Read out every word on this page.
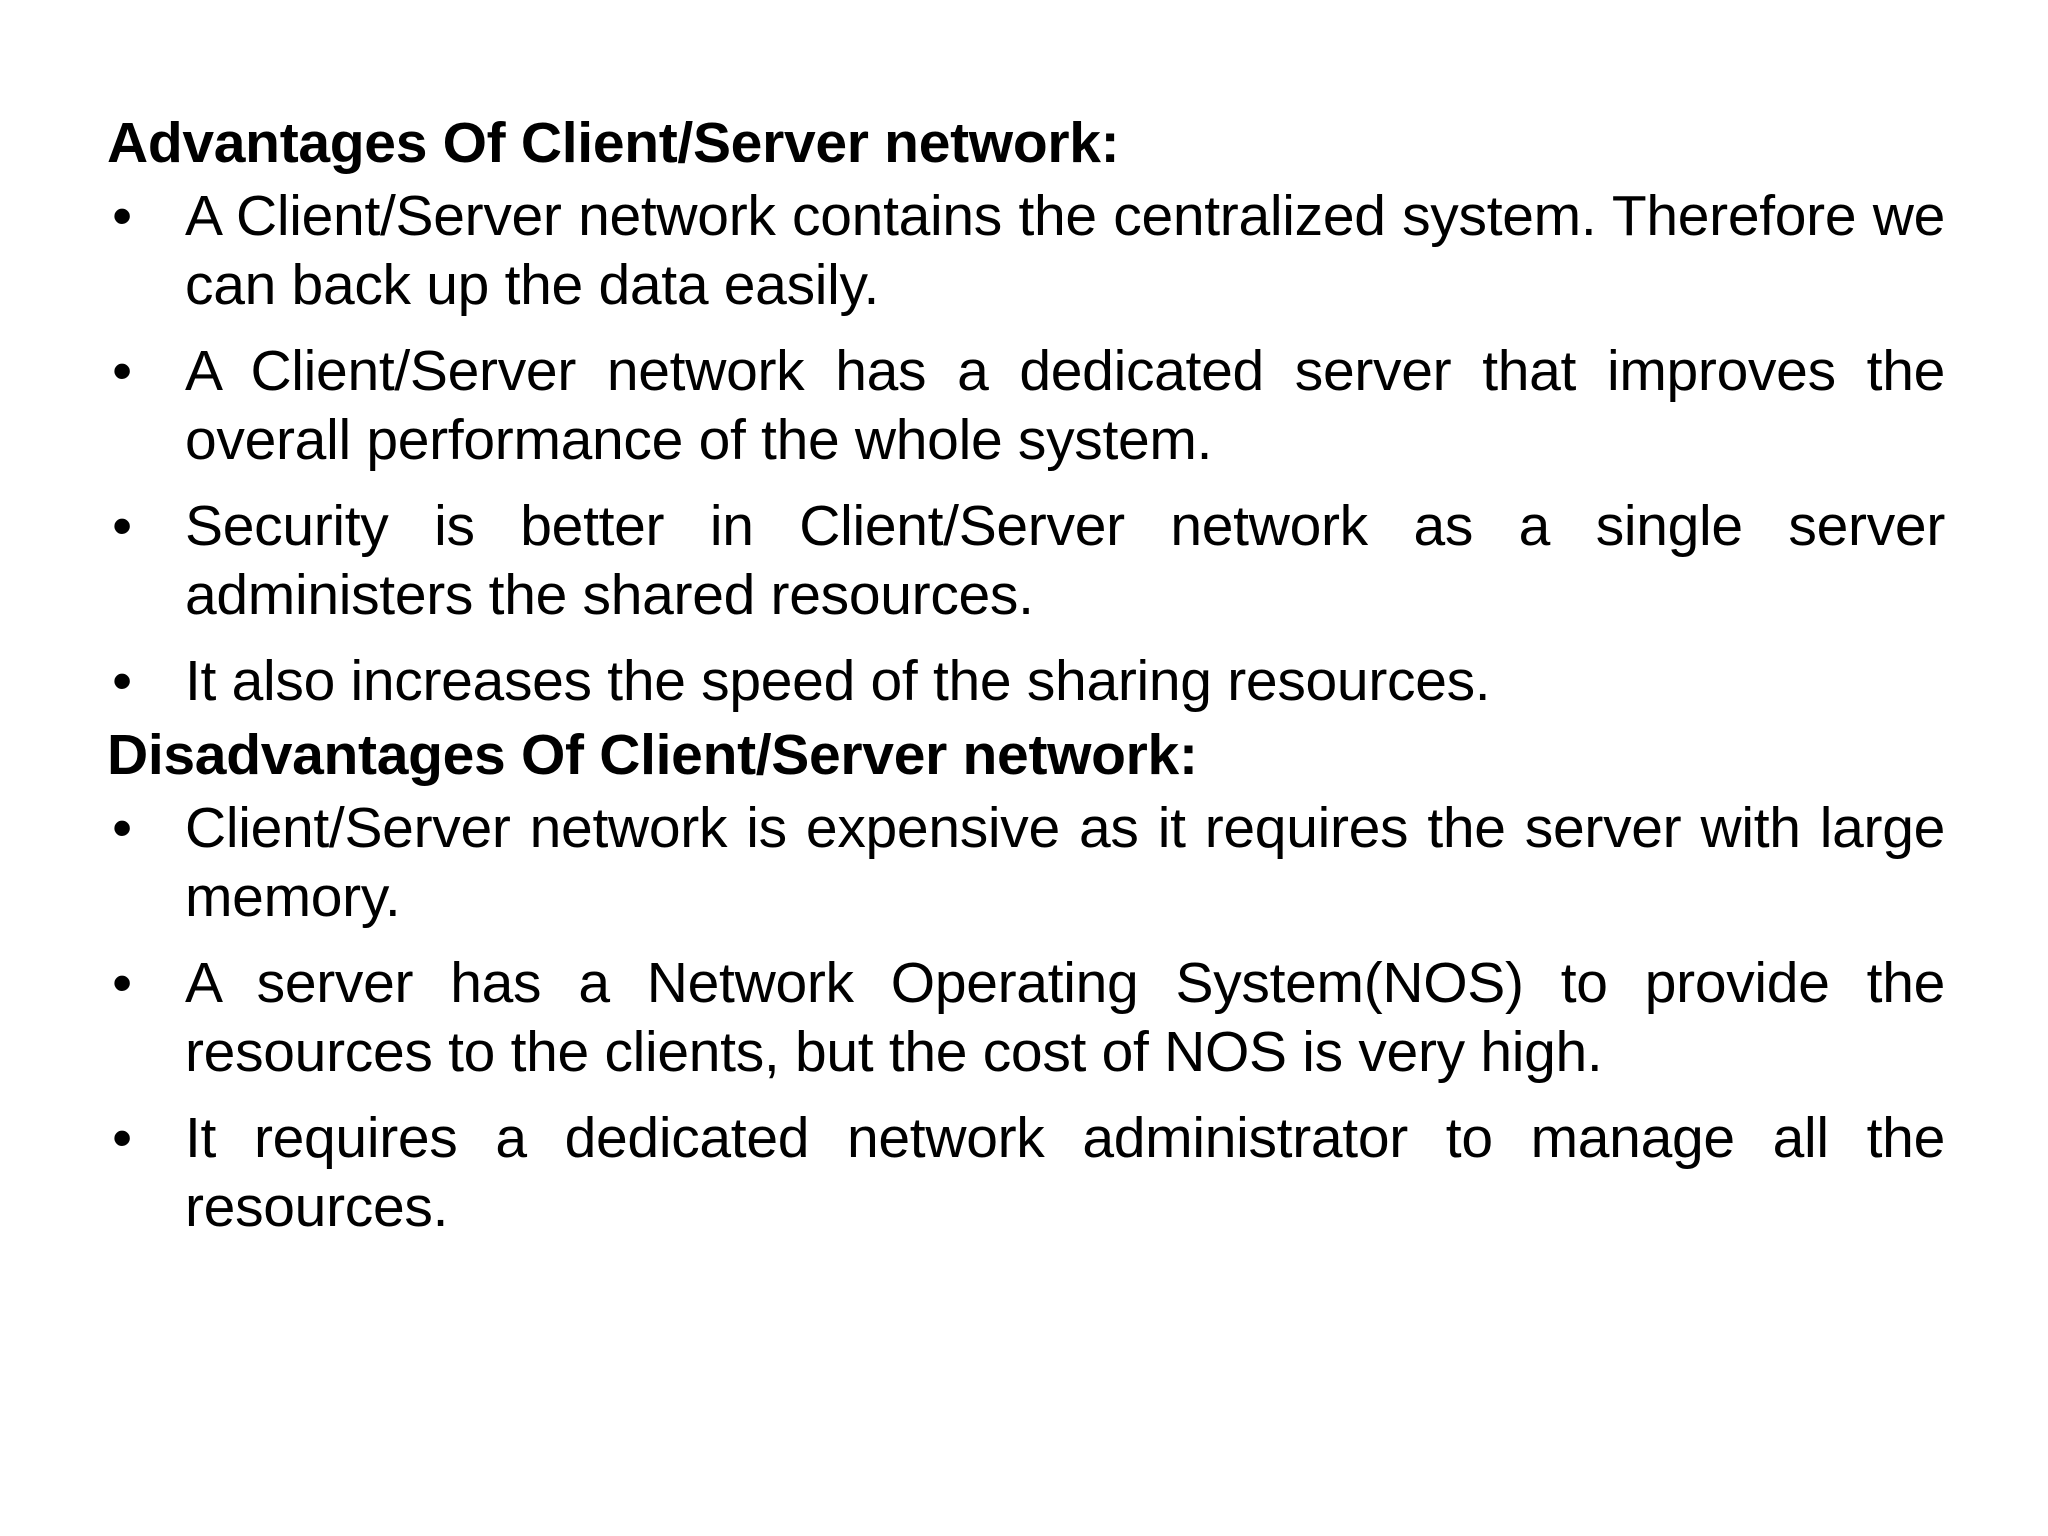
Advantages Of Client/Server network:
• A Client/Server network contains the centralized system. Therefore we can back up the data easily.
• A Client/Server network has a dedicated server that improves the overall performance of the whole system.
• Security is better in Client/Server network as a single server administers the shared resources.
• It also increases the speed of the sharing resources.
Disadvantages Of Client/Server network:
• Client/Server network is expensive as it requires the server with large memory.
• A server has a Network Operating System(NOS) to provide the resources to the clients, but the cost of NOS is very high.
• It requires a dedicated network administrator to manage all the resources.
